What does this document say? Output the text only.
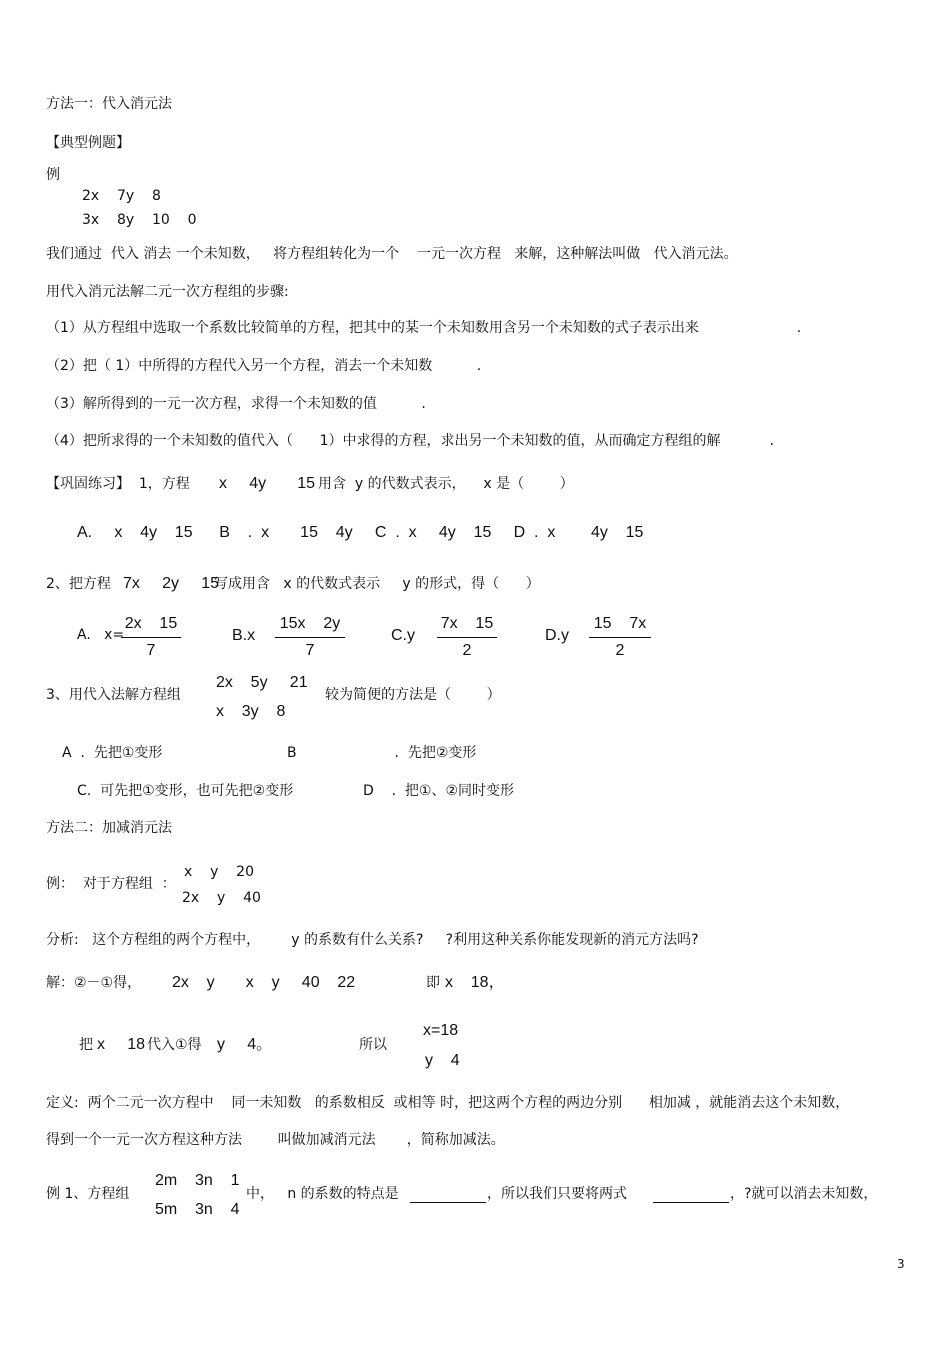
方法一：代入消元法
【典型例题】
例
2x    7y    8
3x    8y    10    0
我们通过  代入 消去 一个未知数，   将方程组转化为一个    一元一次方程   来解，这种解法叫做   代入消元法。
用代入消元法解二元一次方程组的步骤:
（1）从方程组中选取一个系数比较简单的方程，把其中的某一个未知数用含另一个未知数的式子表示出来                      .
（2）把（ 1）中所得的方程代入另一个方程，消去一个未知数          .
（3）解所得到的一元一次方程，求得一个未知数的值          .
（4）把所求得的一个未知数的值代入（      1）中求得的方程，求出另一个未知数的值，从而确定方程组的解           .
【巩固练习】  1，方程 x     4y       15 用含  y 的代数式表示，    x 是（        ）
A.     x    4y    15      B    .  x       15    4y     C  .  x     4y    15     D  .  x        4y    15
2、把方程 7x     2y     15
写成用含   x 的代数式表示     y 的形式，得（      ）
A.   x=
2x    15
7
B.x
15x    2y
7
C.y
7x    15
2
D.y
15    7x
2
3、用代入法解方程组
2x    5y     21
x    3y    8
较为简便的方法是（        ）
A  .  先把①变形	B                      .  先把②变形
C.  可先把①变形，也可先把②变形	D    .  把①、②同时变形
方法二：加减消元法
例：  对于方程组  ：
x    y    20
2x    y    40
分析:   这个方程组的两个方程中，       y 的系数有什么关系?     ?利用这种关系你能发现新的消元方法吗?
解：②－①得， 2x    y       x    y     40    22	即 x    18，
把 x     18 代入①得 y     4。	所以
x=18
y    4
定义:  两个二元一次方程中    同一未知数   的系数相反  或相等 时，把这两个方程的两边分别      相加减 ，就能消去这个未知数，
得到一个一元一次方程这种方法        叫做加减消元法       ，简称加减法。
例 1、方程组
2m    3n    1
5m    3n    4
中，   n 的系数的特点是	，所以我们只要将两式	，?就可以消去未知数，
3
